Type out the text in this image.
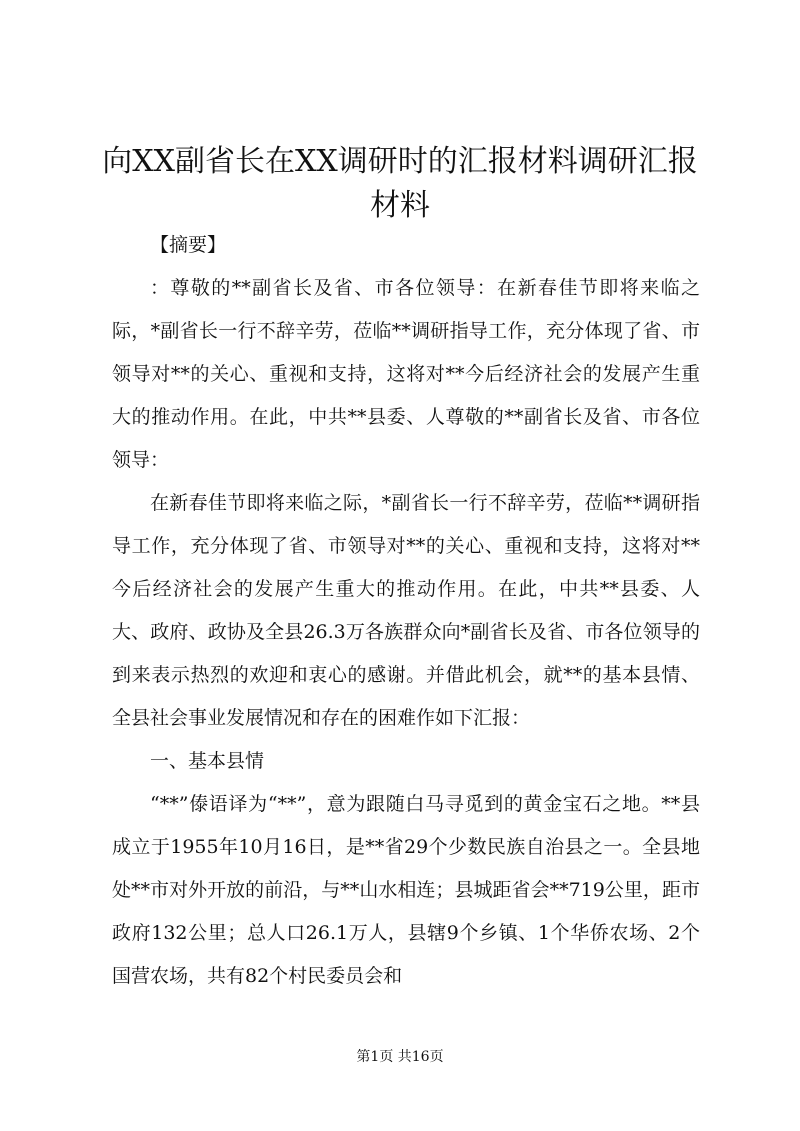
向XX副省长在XX调研时的汇报材料调研汇报材料

【摘要】

：尊敬的**副省长及省、市各位领导：在新春佳节即将来临之际，*副省长一行不辞辛劳，莅临**调研指导工作，充分体现了省、市领导对**的关心、重视和支持，这将对**今后经济社会的发展产生重大的推动作用。在此，中共**县委、人尊敬的**副省长及省、市各位领导：

在新春佳节即将来临之际，*副省长一行不辞辛劳，莅临**调研指导工作，充分体现了省、市领导对**的关心、重视和支持，这将对**今后经济社会的发展产生重大的推动作用。在此，中共**县委、人大、政府、政协及全县26.3万各族群众向*副省长及省、市各位领导的到来表示热烈的欢迎和衷心的感谢。并借此机会，就**的基本县情、全县社会事业发展情况和存在的困难作如下汇报：

一、基本县情

“**”傣语译为“**”，意为跟随白马寻觅到的黄金宝石之地。**县成立于1955年10月16日，是**省29个少数民族自治县之一。全县地处**市对外开放的前沿，与**山水相连；县城距省会**719公里，距市政府132公里；总人口26.1万人，县辖9个乡镇、1个华侨农场、2个国营农场，共有82个村民委员会和

第1页 共16页
